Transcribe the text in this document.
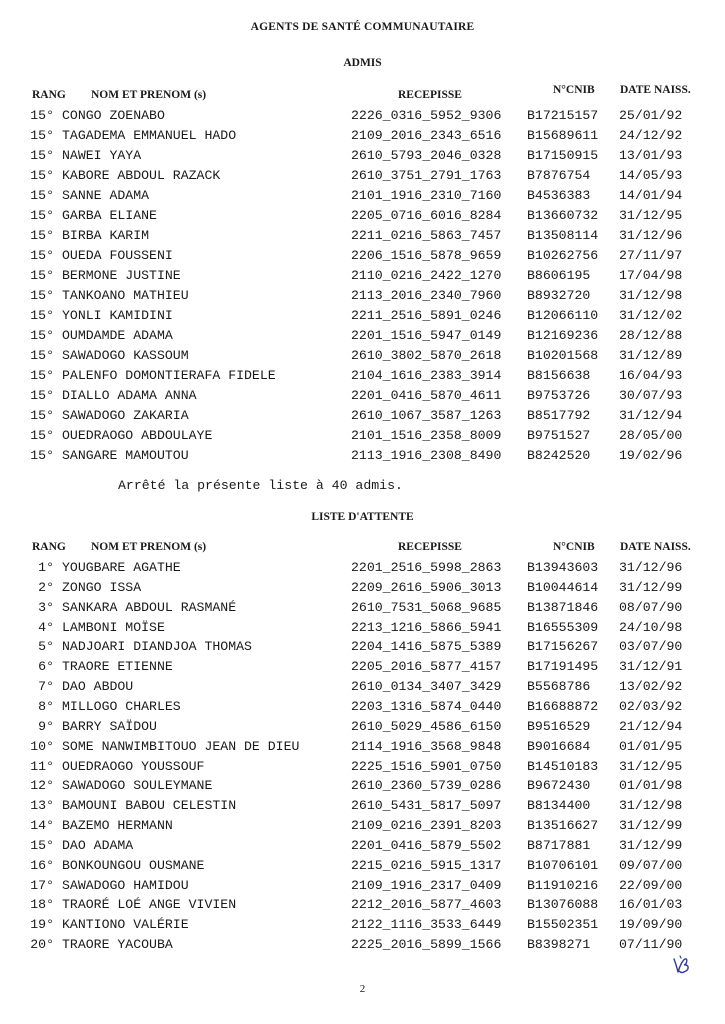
AGENTS DE SANTÉ COMMUNAUTAIRE
ADMIS
RANG NOM ET PRENOM (s)	RECEPISSE	N°CNIB DATE NAISS.
15° CONGO ZOENABO	2226_0316_5952_9306 B17215157 25/01/92
15° TAGADEMA EMMANUEL HADO	2109_2016_2343_6516 B15689611 24/12/92
15° NAWEI YAYA	2610_5793_2046_0328 B17150915 13/01/93
15° KABORE ABDOUL RAZACK	2610_3751_2791_1763 B7876754 14/05/93
15° SANNE ADAMA	2101_1916_2310_7160 B4536383 14/01/94
15° GARBA ELIANE	2205_0716_6016_8284 B13660732 31/12/95
15° BIRBA KARIM	2211_0216_5863_7457 B13508114 31/12/96
15° OUEDA FOUSSENI	2206_1516_5878_9659 B10262756 27/11/97
15° BERMONE JUSTINE	2110_0216_2422_1270 B8606195 17/04/98
15° TANKOANO MATHIEU	2113_2016_2340_7960 B8932720 31/12/98
15° YONLI KAMIDINI	2211_2516_5891_0246 B12066110 31/12/02
15° OUMDAMDE ADAMA	2201_1516_5947_0149 B12169236 28/12/88
15° SAWADOGO KASSOUM	2610_3802_5870_2618 B10201568 31/12/89
15° PALENFO DOMONTIERAFA FIDELE	2104_1616_2383_3914 B8156638 16/04/93
15° DIALLO ADAMA ANNA	2201_0416_5870_4611 B9753726 30/07/93
15° SAWADOGO ZAKARIA	2610_1067_3587_1263 B8517792 31/12/94
15° OUEDRAOGO ABDOULAYE	2101_1516_2358_8009 B9751527 28/05/00
15° SANGARE MAMOUTOU	2113_1916_2308_8490 B8242520 19/02/96
Arrêté la présente liste à 40 admis.
LISTE D'ATTENTE
RANG NOM ET PRENOM (s)	RECEPISSE	N°CNIB DATE NAISS.
1° YOUGBARE AGATHE	2201_2516_5998_2863 B13943603 31/12/96
2° ZONGO ISSA	2209_2616_5906_3013 B10044614 31/12/99
3° SANKARA ABDOUL RASMANÉ	2610_7531_5068_9685 B13871846 08/07/90
4° LAMBONI MOÏSE	2213_1216_5866_5941 B16555309 24/10/98
5° NADJOARI DIANDJOA THOMAS	2204_1416_5875_5389 B17156267 03/07/90
6° TRAORE ETIENNE	2205_2016_5877_4157 B17191495 31/12/91
7° DAO ABDOU	2610_0134_3407_3429 B5568786 13/02/92
8° MILLOGO CHARLES	2203_1316_5874_0440 B16688872 02/03/92
9° BARRY SAÏDOU	2610_5029_4586_6150 B9516529 21/12/94
10° SOME NANWIMBITOUO JEAN DE DIEU	2114_1916_3568_9848 B9016684 01/01/95
11° OUEDRAOGO YOUSSOUF	2225_1516_5901_0750 B14510183 31/12/95
12° SAWADOGO SOULEYMANE	2610_2360_5739_0286 B9672430 01/01/98
13° BAMOUNI BABOU CELESTIN	2610_5431_5817_5097 B8134400 31/12/98
14° BAZEMO HERMANN	2109_0216_2391_8203 B13516627 31/12/99
15° DAO ADAMA	2201_0416_5879_5502 B8717881 31/12/99
16° BONKOUNGOU OUSMANE	2215_0216_5915_1317 B10706101 09/07/00
17° SAWADOGO HAMIDOU	2109_1916_2317_0409 B11910216 22/09/00
18° TRAORÉ LOÉ ANGE VIVIEN	2212_2016_5877_4603 B13076088 16/01/03
19° KANTIONO VALÉRIE	2122_1116_3533_6449 B15502351 19/09/90
20° TRAORE YACOUBA	2225_2016_5899_1566 B8398271 07/11/90
2
